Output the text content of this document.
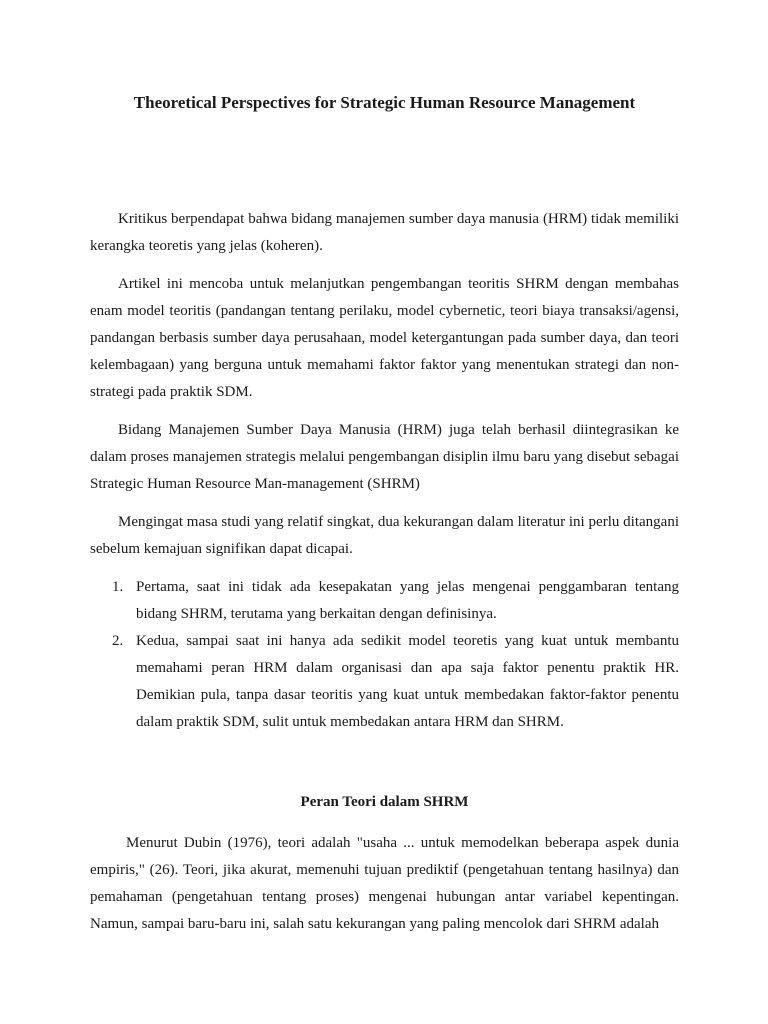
Theoretical Perspectives for Strategic Human Resource Management

Kritikus berpendapat bahwa bidang manajemen sumber daya manusia (HRM) tidak memiliki kerangka teoretis yang jelas (koheren).

Artikel ini mencoba untuk melanjutkan pengembangan teoritis SHRM dengan membahas enam model teoritis (pandangan tentang perilaku, model cybernetic, teori biaya transaksi/agensi, pandangan berbasis sumber daya perusahaan, model ketergantungan pada sumber daya, dan teori kelembagaan) yang berguna untuk memahami faktor faktor yang menentukan strategi dan non-strategi pada praktik SDM.

Bidang Manajemen Sumber Daya Manusia (HRM) juga telah berhasil diintegrasikan ke dalam proses manajemen strategis melalui pengembangan disiplin ilmu baru yang disebut sebagai Strategic Human Resource Man-management (SHRM)

Mengingat masa studi yang relatif singkat, dua kekurangan dalam literatur ini perlu ditangani sebelum kemajuan signifikan dapat dicapai.

1. Pertama, saat ini tidak ada kesepakatan yang jelas mengenai penggambaran tentang bidang SHRM, terutama yang berkaitan dengan definisinya.
2. Kedua, sampai saat ini hanya ada sedikit model teoretis yang kuat untuk membantu memahami peran HRM dalam organisasi dan apa saja faktor penentu praktik HR. Demikian pula, tanpa dasar teoritis yang kuat untuk membedakan faktor-faktor penentu dalam praktik SDM, sulit untuk membedakan antara HRM dan SHRM.
Peran Teori dalam SHRM

Menurut Dubin (1976), teori adalah "usaha ... untuk memodelkan beberapa aspek dunia empiris," (26). Teori, jika akurat, memenuhi tujuan prediktif (pengetahuan tentang hasilnya) dan pemahaman (pengetahuan tentang proses) mengenai hubungan antar variabel kepentingan. Namun, sampai baru-baru ini, salah satu kekurangan yang paling mencolok dari SHRM adalah
